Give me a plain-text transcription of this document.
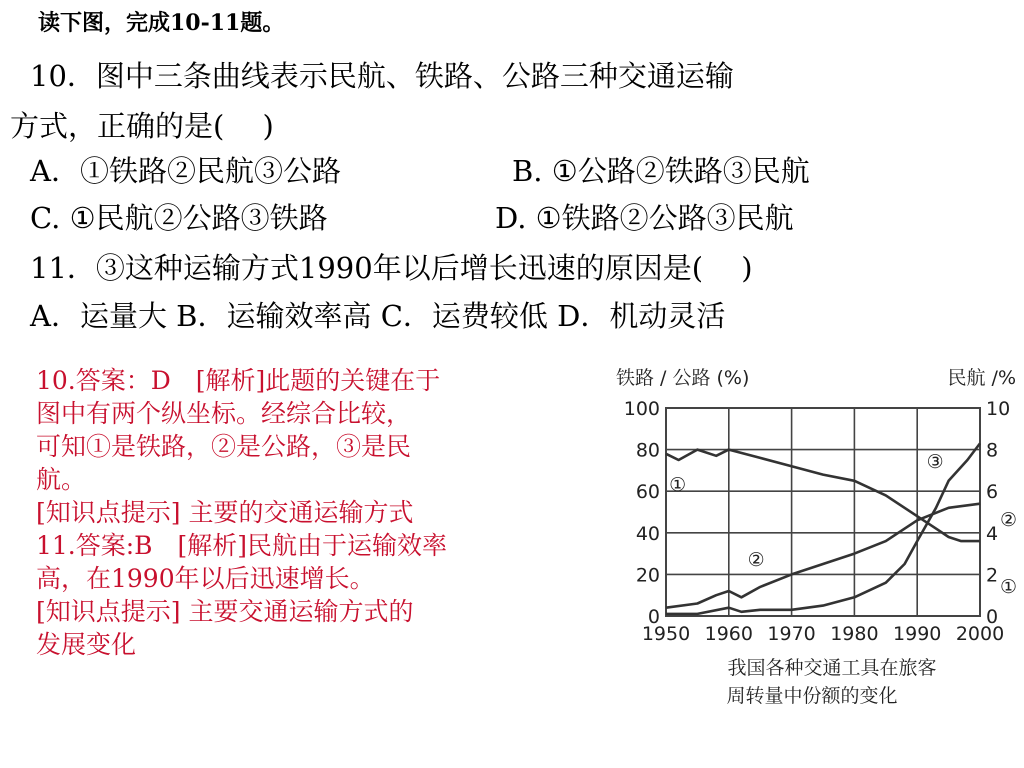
读下图，完成10-11题。
10．图中三条曲线表示民航、铁路、公路三种交通运输
方式，正确的是(　 )
A．①铁路②民航③公路	B. ①公路②铁路③民航
C. ①民航②公路③铁路	D. ①铁路②公路③民航
11．③这种运输方式1990年以后增长迅速的原因是(　 )
A．运量大 B．运输效率高 C．运费较低 D．机动灵活
10.答案：D　[解析]此题的关键在于
图中有两个纵坐标。经综合比较，
可知①是铁路，②是公路，③是民
航。
[知识点提示] 主要的交通运输方式
11.答案:B　[解析]民航由于运输效率
高，在1990年以后迅速增长。
[知识点提示] 主要交通运输方式的
发展变化
铁路 / 公路 (%)	民航 /%
100
80
60
40
20
0
10
8
6
4
2
0
1950 1960 1970 1980 1990 2000
①
②
③
②
①
我国各种交通工具在旅客
周转量中份额的变化
